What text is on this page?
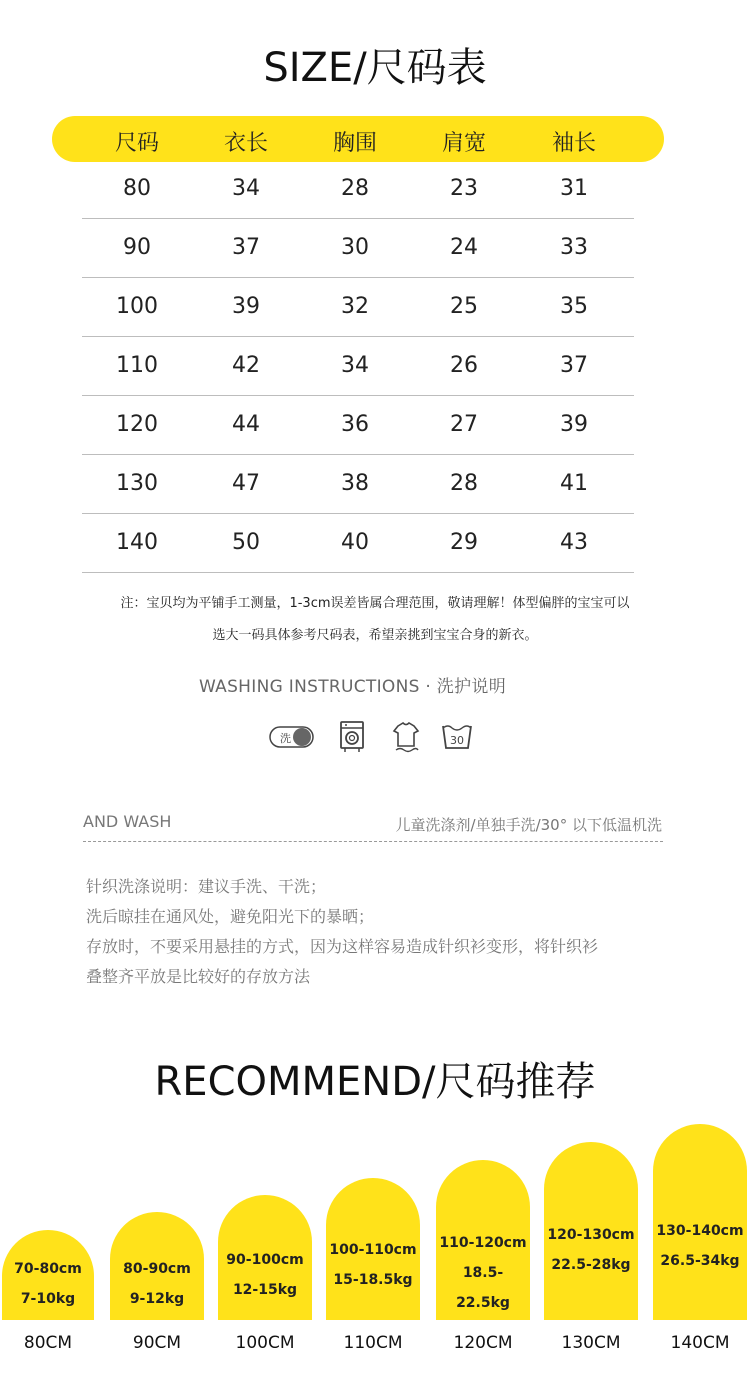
SIZE/尺码表
尺码	衣长	胸围	肩宽	袖长
80	34	28	23	31
90	37	30	24	33
100	39	32	25	35
110	42	34	26	37
120	44	36	27	39
130	47	38	28	41
140	50	40	29	43
注：宝贝均为平铺手工测量，1-3cm误差皆属合理范围，敬请理解！体型偏胖的宝宝可以
选大一码具体参考尺码表，希望亲挑到宝宝合身的新衣。
WASHING INSTRUCTIONS · 洗护说明
洗	30
AND WASH	儿童洗涤剂/单独手洗/30° 以下低温机洗
针织洗涤说明：建议手洗、干洗；
洗后晾挂在通风处，避免阳光下的暴晒；
存放时，不要采用悬挂的方式，因为这样容易造成针织衫变形，将针织衫
叠整齐平放是比较好的存放方法
RECOMMEND/尺码推荐
70-80cm
7-10kg
80-90cm
9-12kg
90-100cm
12-15kg
100-110cm
15-18.5kg
110-120cm
18.5-22.5kg
120-130cm
22.5-28kg
130-140cm
26.5-34kg
80CM	90CM	100CM	110CM	120CM	130CM	140CM
